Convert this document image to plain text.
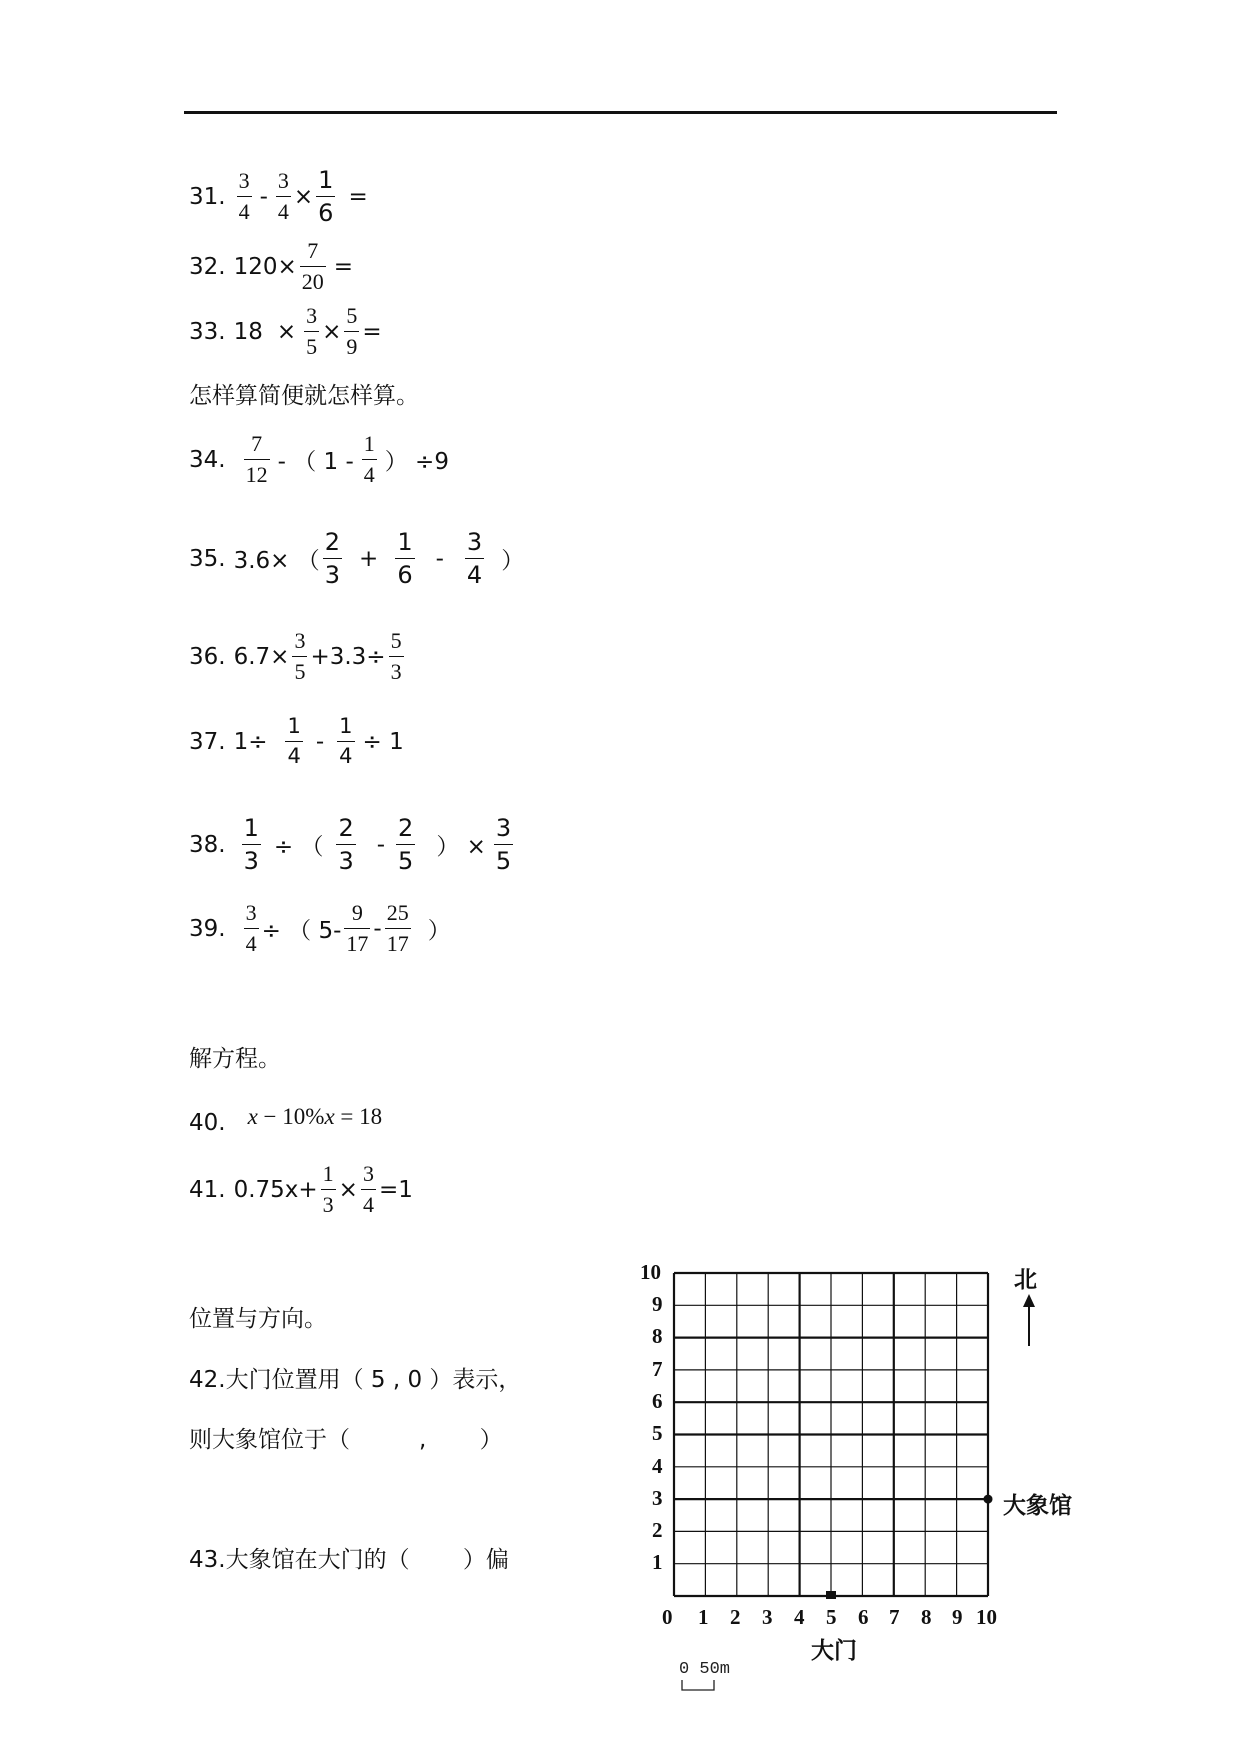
31. $\frac{3}{4} - \frac{3}{4} \times \frac{1}{6}$ =
32. $120\times \frac{7}{20}$ =
33. $18 \times \frac{3}{5} \times \frac{5}{9}$ =
怎样算简便就怎样算。
34. $\frac{7}{12}$ - （ $1 - \frac{1}{4}$ ） ÷9
35. 3.6× （ $\frac{2}{3} + \frac{1}{6} - \frac{3}{4}$ ）
36. $6.7\times \frac{3}{5} +3.3\div \frac{5}{3}$
37. $1\div \frac{1}{4} - \frac{1}{4} \div 1$
38. $\frac{1}{3}$ ÷ （ $\frac{2}{3} - \frac{2}{5}$ ） × $\frac{3}{5}$
39. $\frac{3}{4}$ ÷ （ $5- \frac{9}{17} - \frac{25}{17}$ ）
解方程。
40. x − 10%x = 18
41. $0.75x+ \frac{1}{3} \times \frac{3}{4} =1$
位置与方向。
42.大门位置用（ 5 , 0 ）表示，
则大象馆位于（　　　,　　 ）
43.大象馆在大门的（　　 ）偏
10
9
8
7
6
5
4
3
2
1
0 1 2 3 4 5 6 7 8 9 10
大门
大象馆
北
0 50m
